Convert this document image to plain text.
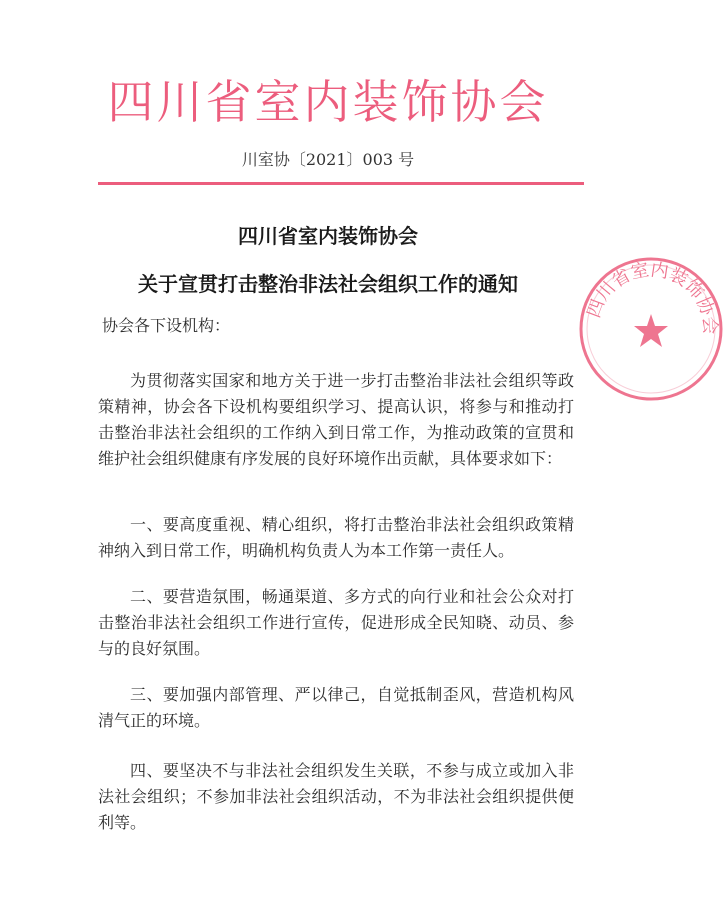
四川省室内装饰协会
川室协〔2021〕003 号
四川省室内装饰协会
关于宣贯打击整治非法社会组织工作的通知
协会各下设机构：

为贯彻落实国家和地方关于进一步打击整治非法社会组织等政策精神，协会各下设机构要组织学习、提高认识，将参与和推动打击整治非法社会组织的工作纳入到日常工作，为推动政策的宣贯和维护社会组织健康有序发展的良好环境作出贡献，具体要求如下：

一、要高度重视、精心组织，将打击整治非法社会组织政策精神纳入到日常工作，明确机构负责人为本工作第一责任人。

二、要营造氛围，畅通渠道、多方式的向行业和社会公众对打击整治非法社会组织工作进行宣传，促进形成全民知晓、动员、参与的良好氛围。

三、要加强内部管理、严以律己，自觉抵制歪风，营造机构风清气正的环境。

四、要坚决不与非法社会组织发生关联，不参与成立或加入非法社会组织；不参加非法社会组织活动，不为非法社会组织提供便利等。

四川省室内装饰协会
